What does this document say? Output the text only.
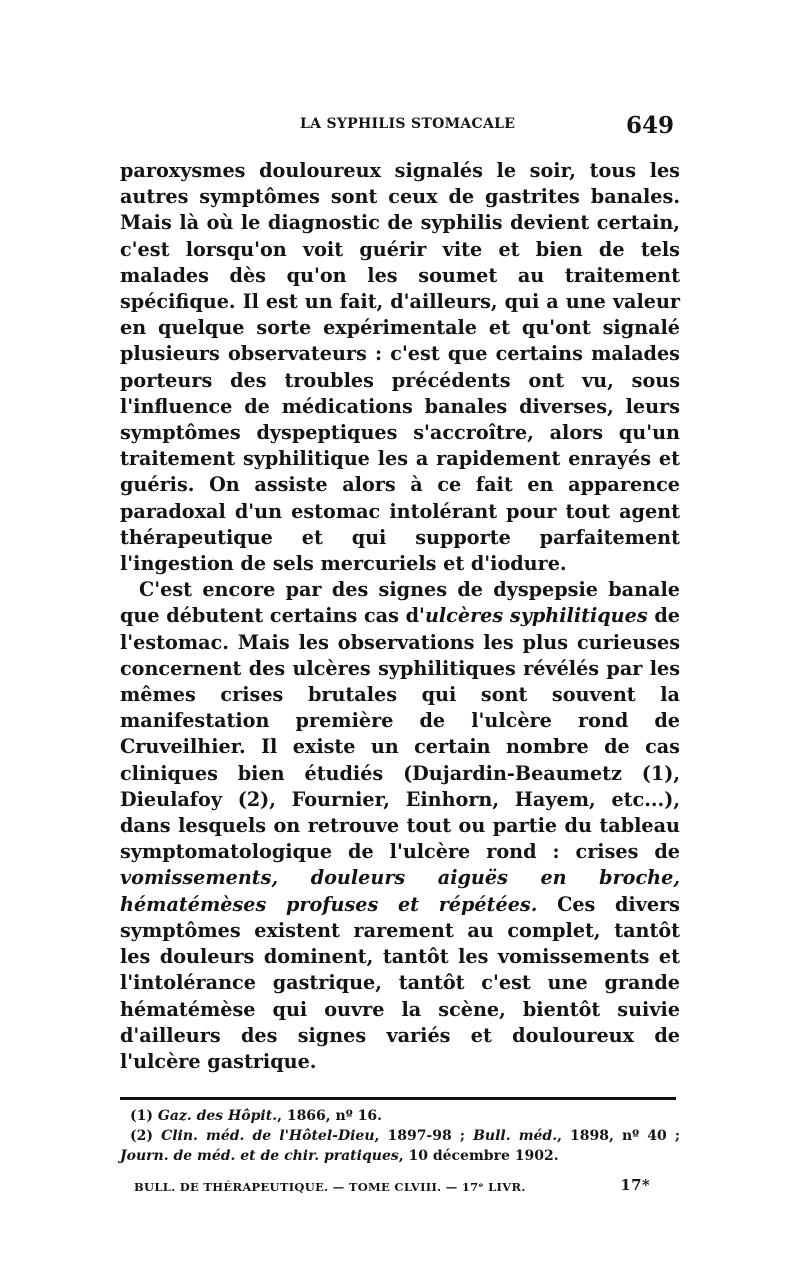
LA SYPHILIS STOMACALE	649

paroxysmes douloureux signalés le soir, tous les autres symptômes sont ceux de gastrites banales. Mais là où le diagnostic de syphilis devient certain, c'est lorsqu'on voit guérir vite et bien de tels malades dès qu'on les soumet au traitement spécifique. Il est un fait, d'ailleurs, qui a une valeur en quelque sorte expérimentale et qu'ont signalé plusieurs observateurs : c'est que certains malades porteurs des troubles précédents ont vu, sous l'influence de médications banales diverses, leurs symptômes dyspeptiques s'accroître, alors qu'un traitement syphilitique les a rapidement enrayés et guéris. On assiste alors à ce fait en apparence paradoxal d'un estomac intolérant pour tout agent thérapeutique et qui supporte parfaitement l'ingestion de sels mercuriels et d'iodure.

C'est encore par des signes de dyspepsie banale que débutent certains cas d'ulcères syphilitiques de l'estomac. Mais les observations les plus curieuses concernent des ulcères syphilitiques révélés par les mêmes crises brutales qui sont souvent la manifestation première de l'ulcère rond de Cruveilhier. Il existe un certain nombre de cas cliniques bien étudiés (Dujardin-Beaumetz (1), Dieulafoy (2), Fournier, Einhorn, Hayem, etc...), dans lesquels on retrouve tout ou partie du tableau symptomatologique de l'ulcère rond : crises de vomissements, douleurs aiguës en broche, hématémèses profuses et répétées. Ces divers symptômes existent rarement au complet, tantôt les douleurs dominent, tantôt les vomissements et l'intolérance gastrique, tantôt c'est une grande hématémèse qui ouvre la scène, bientôt suivie d'ailleurs des signes variés et douloureux de l'ulcère gastrique.

(1) Gaz. des Hôpit., 1866, nº 16.

(2) Clin. méd. de l'Hôtel-Dieu, 1897-98 ; Bull. méd., 1898, nº 40 ; Journ. de méd. et de chir. pratiques, 10 décembre 1902.

BULL. DE THÉRAPEUTIQUE. — TOME CLVIII. — 17ᵉ LIVR.	17*
